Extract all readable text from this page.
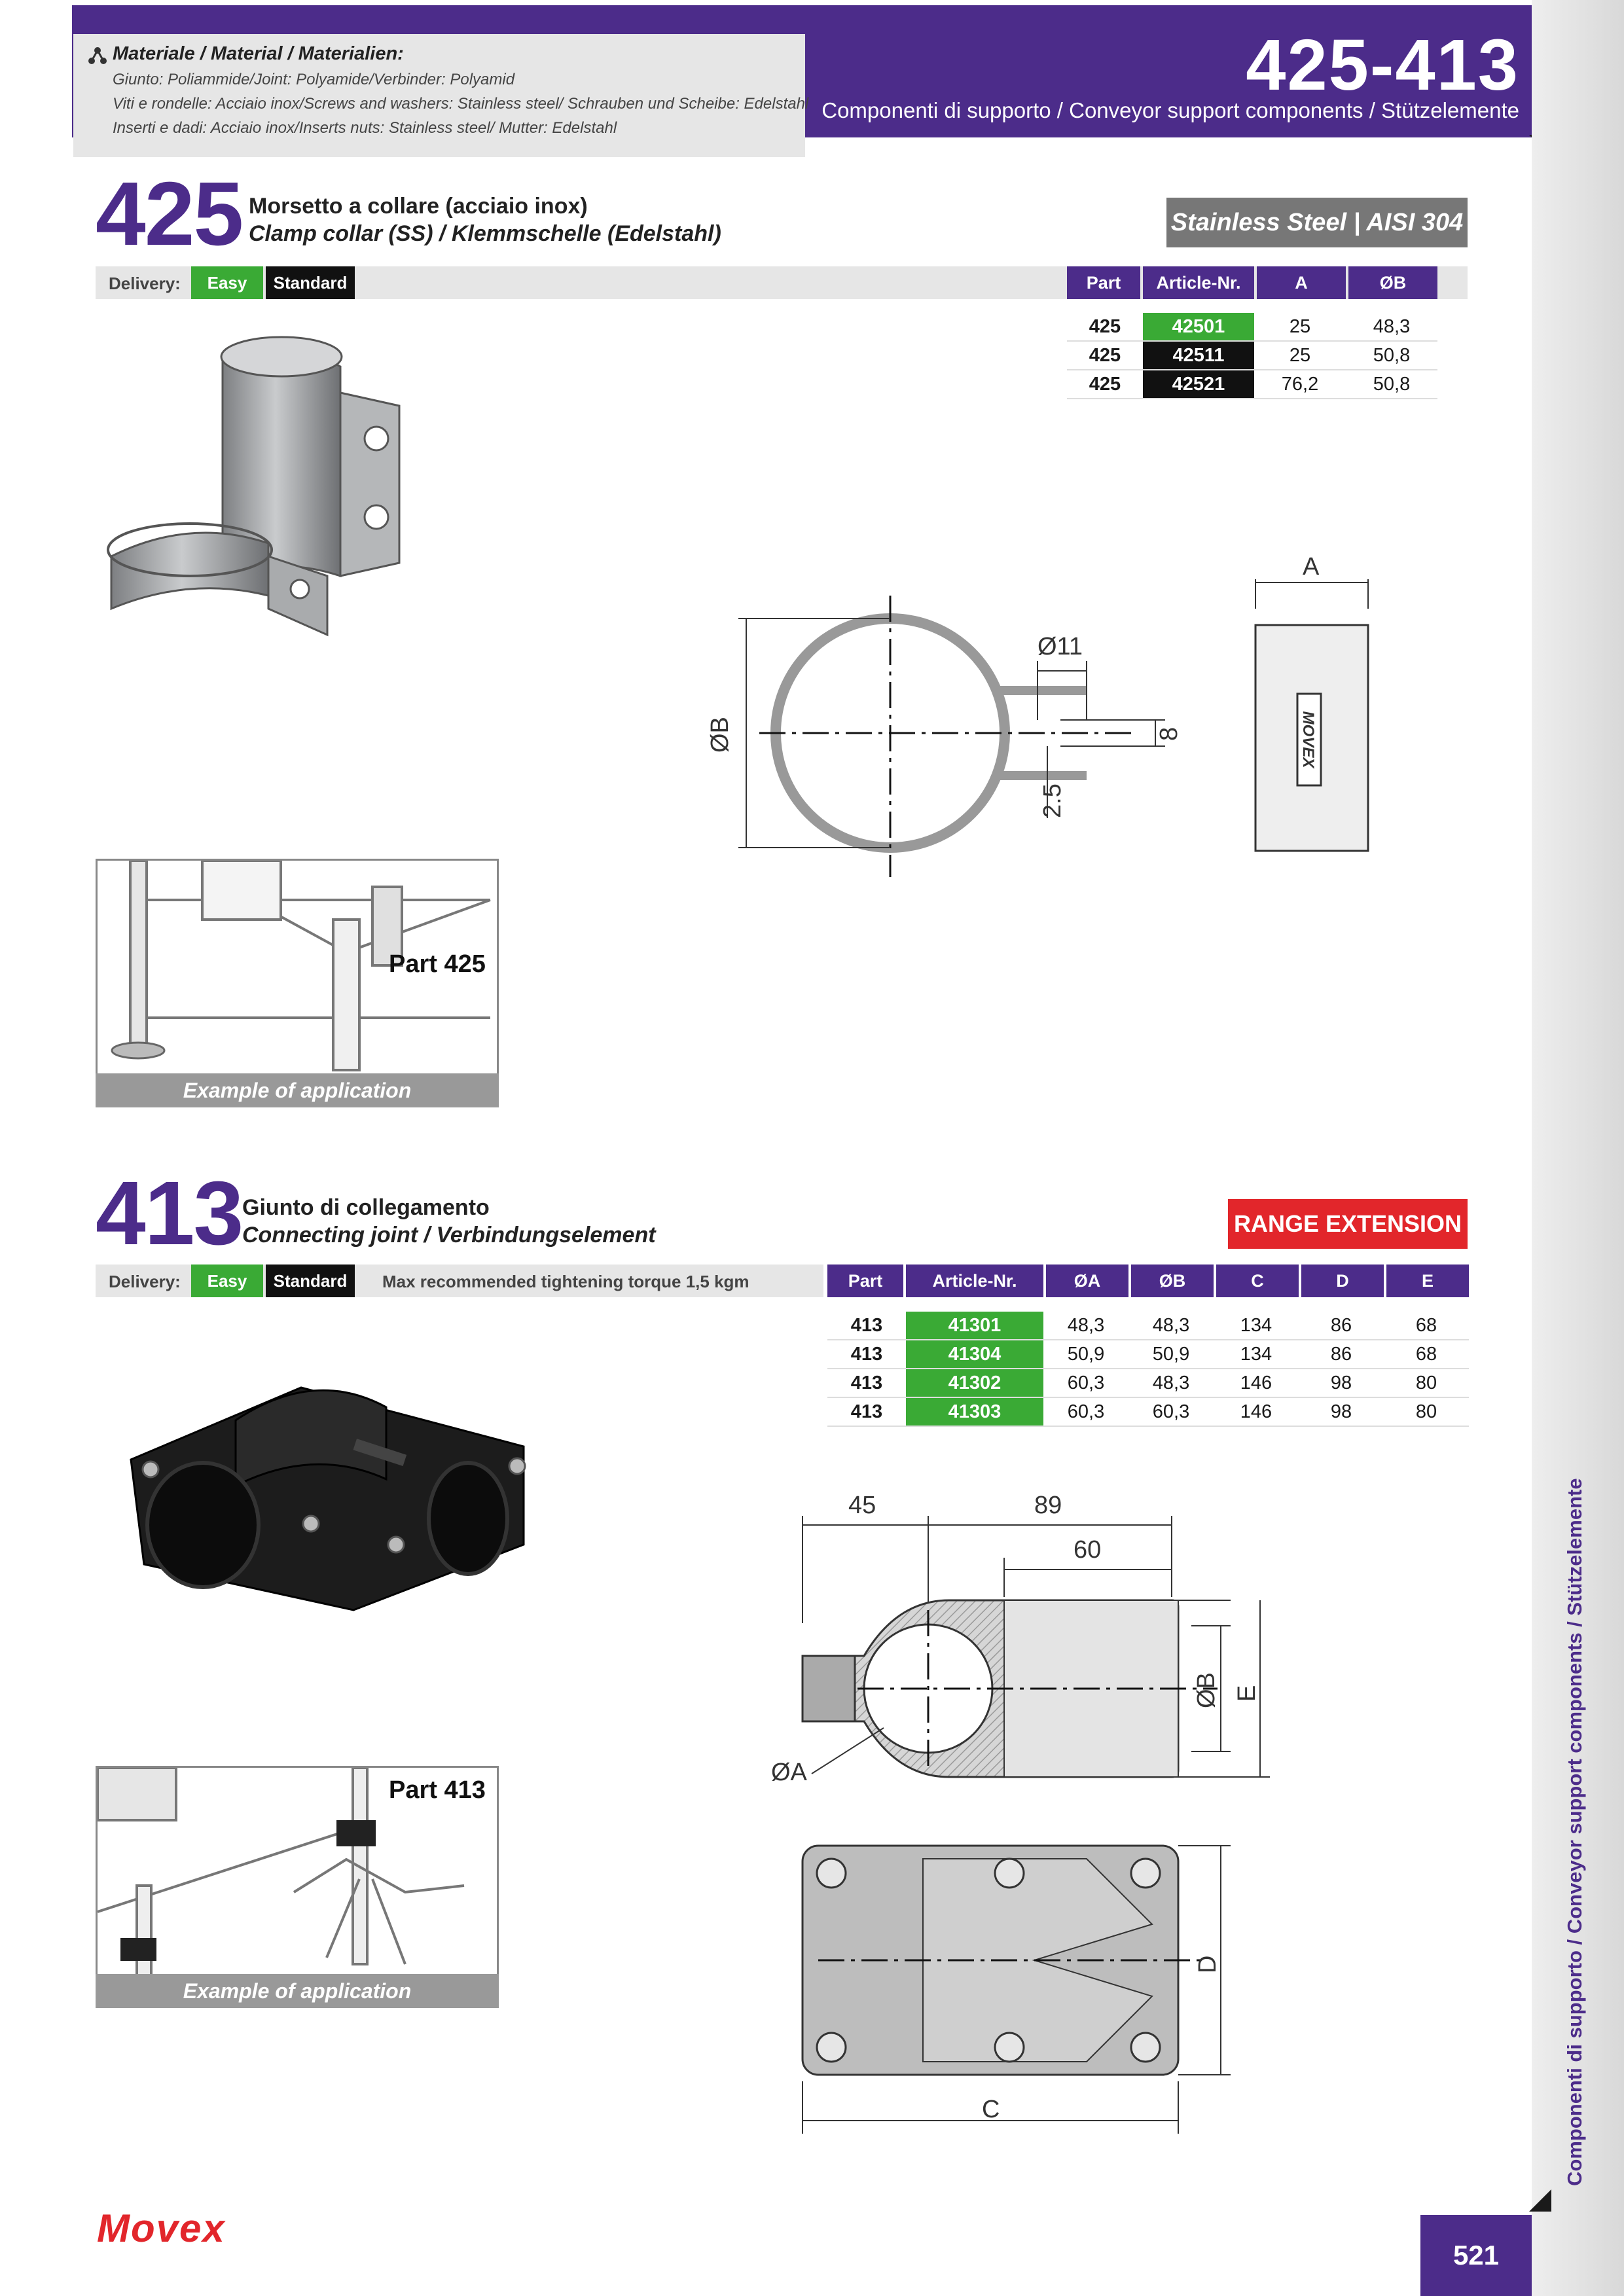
Materiale / Material / Materialien:
Giunto: Poliammide/Joint: Polyamide/Verbinder: Polyamid
Viti e rondelle: Acciaio inox/Screws and washers: Stainless steel/ Schrauben und Scheibe: Edelstahl
Inserti e dadi: Acciaio inox/Inserts nuts: Stainless steel/ Mutter: Edelstahl
425-413
Componenti di supporto / Conveyor support components / Stützelemente
Componenti di supporto / Conveyor support components / Stützelemente
521
Movex
425 Morsetto a collare (acciaio inox)
Clamp collar (SS) / Klemmschelle (Edelstahl)	Stainless Steel | AISI 304
Delivery:	Easy	Standard	Part	Article-Nr.	A	ØB
425	42501	25	48,3
425	42511	25	50,8
425	42521	76,2	50,8
Ø11
ØB	8
2.5
A
MOVEX
Part 425
Example of application
413 Giunto di collegamento
Connecting joint / Verbindungselement	RANGE EXTENSION
Delivery:	Easy	Standard	Max recommended tightening torque 1,5 kgm	Part	Article-Nr.	ØA	ØB	C	D	E
413	41301	48,3	48,3	134	86	68
413	41304	50,9	50,9	134	86	68
413	41302	60,3	48,3	146	98	80
413	41303	60,3	60,3	146	98	80
45	89
60
ØB E
ØA
D
C
Part 413
Example of application
